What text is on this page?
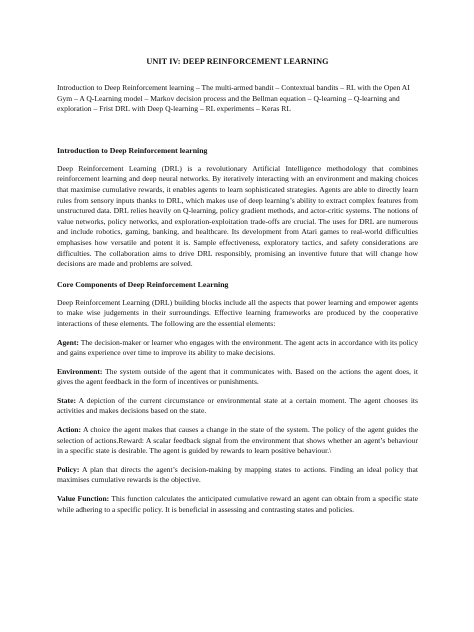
UNIT IV: DEEP REINFORCEMENT LEARNING

Introduction to Deep Reinforcement learning – The multi-armed bandit – Contextual bandits – RL with the Open AI Gym – A Q-Learning model – Markov decision process and the Bellman equation – Q-learning – Q-learning and exploration – Frist DRL with Deep Q-learning – RL experiments – Keras RL

Introduction to Deep Reinforcement learning

Deep Reinforcement Learning (DRL) is a revolutionary Artificial Intelligence methodology that combines reinforcement learning and deep neural networks. By iteratively interacting with an environment and making choices that maximise cumulative rewards, it enables agents to learn sophisticated strategies. Agents are able to directly learn rules from sensory inputs thanks to DRL, which makes use of deep learning’s ability to extract complex features from unstructured data. DRL relies heavily on Q-learning, policy gradient methods, and actor-critic systems. The notions of value networks, policy networks, and exploration-exploitation trade-offs are crucial. The uses for DRL are numerous and include robotics, gaming, banking, and healthcare. Its development from Atari games to real-world difficulties emphasises how versatile and potent it is. Sample effectiveness, exploratory tactics, and safety considerations are difficulties. The collaboration aims to drive DRL responsibly, promising an inventive future that will change how decisions are made and problems are solved.

Core Components of Deep Reinforcement Learning

Deep Reinforcement Learning (DRL) building blocks include all the aspects that power learning and empower agents to make wise judgements in their surroundings. Effective learning frameworks are produced by the cooperative interactions of these elements. The following are the essential elements:

Agent: The decision-maker or learner who engages with the environment. The agent acts in accordance with its policy and gains experience over time to improve its ability to make decisions.

Environment: The system outside of the agent that it communicates with. Based on the actions the agent does, it gives the agent feedback in the form of incentives or punishments.

State: A depiction of the current circumstance or environmental state at a certain moment. The agent chooses its activities and makes decisions based on the state.

Action: A choice the agent makes that causes a change in the state of the system. The policy of the agent guides the selection of actions.Reward: A scalar feedback signal from the environment that shows whether an agent’s behaviour in a specific state is desirable. The agent is guided by rewards to learn positive behaviour.\

Policy: A plan that directs the agent’s decision-making by mapping states to actions. Finding an ideal policy that maximises cumulative rewards is the objective.

Value Function: This function calculates the anticipated cumulative reward an agent can obtain from a specific state while adhering to a specific policy. It is beneficial in assessing and contrasting states and policies.
